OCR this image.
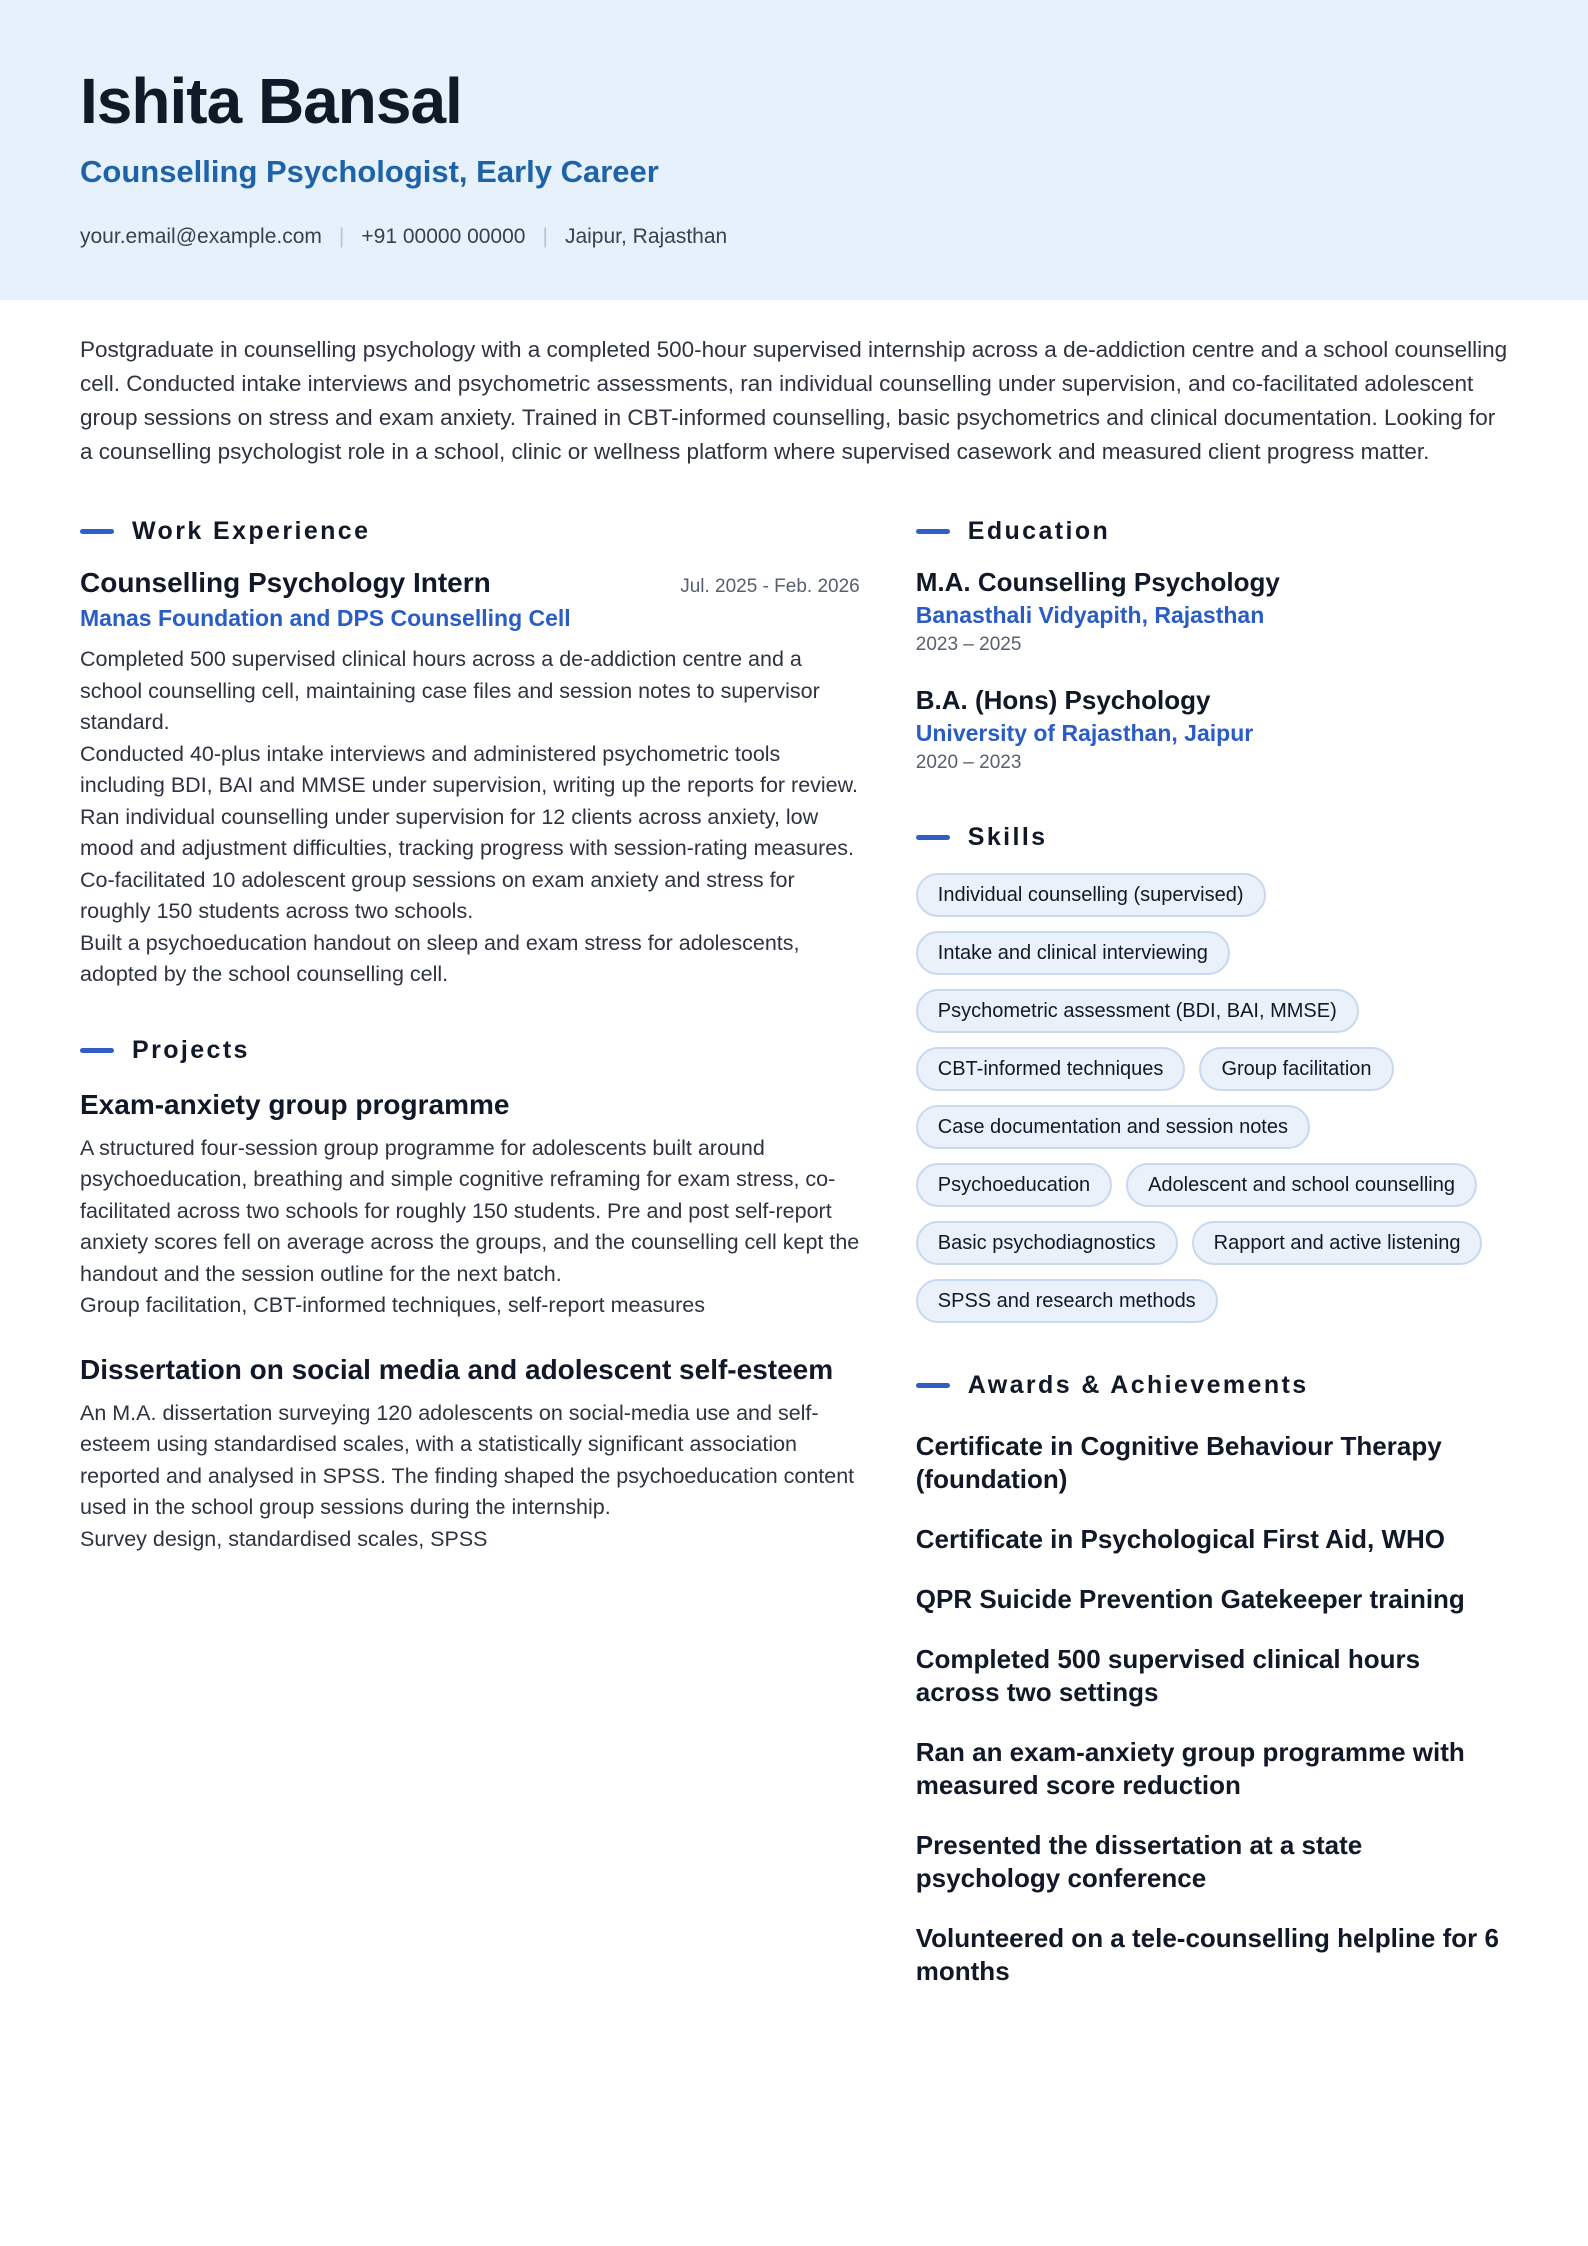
Ishita Bansal
Counselling Psychologist, Early Career
your.email@example.com | +91 00000 00000 | Jaipur, Rajasthan

Postgraduate in counselling psychology with a completed 500-hour supervised internship across a de-addiction centre and a school counselling cell. Conducted intake interviews and psychometric assessments, ran individual counselling under supervision, and co-facilitated adolescent group sessions on stress and exam anxiety. Trained in CBT-informed counselling, basic psychometrics and clinical documentation. Looking for a counselling psychologist role in a school, clinic or wellness platform where supervised casework and measured client progress matter.

Work Experience
Counselling Psychology Intern	Jul. 2025 - Feb. 2026
Manas Foundation and DPS Counselling Cell
Completed 500 supervised clinical hours across a de-addiction centre and a school counselling cell, maintaining case files and session notes to supervisor standard.
Conducted 40-plus intake interviews and administered psychometric tools including BDI, BAI and MMSE under supervision, writing up the reports for review.
Ran individual counselling under supervision for 12 clients across anxiety, low mood and adjustment difficulties, tracking progress with session-rating measures.
Co-facilitated 10 adolescent group sessions on exam anxiety and stress for roughly 150 students across two schools.
Built a psychoeducation handout on sleep and exam stress for adolescents, adopted by the school counselling cell.
Projects
Exam-anxiety group programme
A structured four-session group programme for adolescents built around psychoeducation, breathing and simple cognitive reframing for exam stress, co-facilitated across two schools for roughly 150 students. Pre and post self-report anxiety scores fell on average across the groups, and the counselling cell kept the handout and the session outline for the next batch.
Group facilitation, CBT-informed techniques, self-report measures
Dissertation on social media and adolescent self-esteem
An M.A. dissertation surveying 120 adolescents on social-media use and self-esteem using standardised scales, with a statistically significant association reported and analysed in SPSS. The finding shaped the psychoeducation content used in the school group sessions during the internship.
Survey design, standardised scales, SPSS
Education
M.A. Counselling Psychology
Banasthali Vidyapith, Rajasthan
2023 – 2025
B.A. (Hons) Psychology
University of Rajasthan, Jaipur
2020 – 2023
Skills
Individual counselling (supervised)
Intake and clinical interviewing
Psychometric assessment (BDI, BAI, MMSE)
CBT-informed techniques	Group facilitation
Case documentation and session notes
Psychoeducation	Adolescent and school counselling
Basic psychodiagnostics	Rapport and active listening
SPSS and research methods
Awards & Achievements
Certificate in Cognitive Behaviour Therapy (foundation)
Certificate in Psychological First Aid, WHO
QPR Suicide Prevention Gatekeeper training
Completed 500 supervised clinical hours across two settings
Ran an exam-anxiety group programme with measured score reduction
Presented the dissertation at a state psychology conference
Volunteered on a tele-counselling helpline for 6 months
